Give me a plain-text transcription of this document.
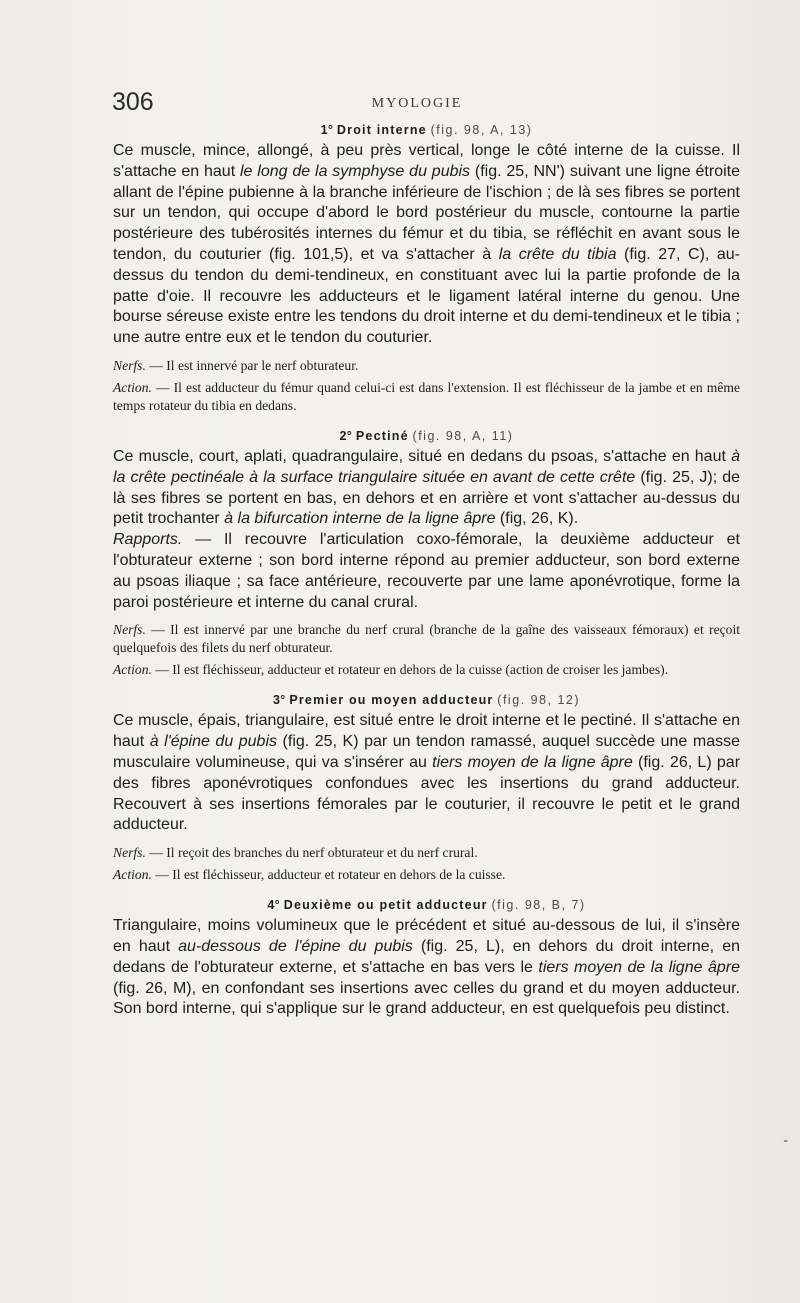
306	MYOLOGIE
1° Droit interne (fig. 98, A, 13)

Ce muscle, mince, allongé, à peu près vertical, longe le côté interne de la cuisse. Il s'attache en haut le long de la symphyse du pubis (fig. 25, NN') suivant une ligne étroite allant de l'épine pubienne à la branche inférieure de l'ischion ; de là ses fibres se portent sur un tendon, qui occupe d'abord le bord postérieur du muscle, contourne la partie postérieure des tubérosités internes du fémur et du tibia, se réfléchit en avant sous le tendon, du couturier (fig. 101,5), et va s'attacher à la crête du tibia (fig. 27, C), au-dessus du tendon du demi-tendineux, en constituant avec lui la partie profonde de la patte d'oie. Il recouvre les adducteurs et le ligament latéral interne du genou. Une bourse séreuse existe entre les tendons du droit interne et du demi-tendineux et le tibia ; une autre entre eux et le tendon du couturier.

Nerfs. — Il est innervé par le nerf obturateur.

Action. — Il est adducteur du fémur quand celui-ci est dans l'extension. Il est fléchisseur de la jambe et en même temps rotateur du tibia en dedans.

2° Pectiné (fig. 98, A, 11)

Ce muscle, court, aplati, quadrangulaire, situé en dedans du psoas, s'attache en haut à la crête pectinéale à la surface triangulaire située en avant de cette crête (fig. 25, J); de là ses fibres se portent en bas, en dehors et en arrière et vont s'attacher au-dessus du petit trochanter à la bifurcation interne de la ligne âpre (fig, 26, K).

Rapports. — Il recouvre l'articulation coxo-fémorale, la deuxième adducteur et l'obturateur externe ; son bord interne répond au premier adducteur, son bord externe au psoas iliaque ; sa face antérieure, recouverte par une lame aponévrotique, forme la paroi postérieure et interne du canal crural.

Nerfs. — Il est innervé par une branche du nerf crural (branche de la gaîne des vaisseaux fémoraux) et reçoit quelquefois des filets du nerf obturateur.

Action. — Il est fléchisseur, adducteur et rotateur en dehors de la cuisse (action de croiser les jambes).

3° Premier ou moyen adducteur (fig. 98, 12)

Ce muscle, épais, triangulaire, est situé entre le droit interne et le pectiné. Il s'attache en haut à l'épine du pubis (fig. 25, K) par un tendon ramassé, auquel succède une masse musculaire volumineuse, qui va s'insérer au tiers moyen de la ligne âpre (fig. 26, L) par des fibres aponévrotiques confondues avec les insertions du grand adducteur. Recouvert à ses insertions fémorales par le couturier, il recouvre le petit et le grand adducteur.

Nerfs. — Il reçoit des branches du nerf obturateur et du nerf crural.

Action. — Il est fléchisseur, adducteur et rotateur en dehors de la cuisse.

4° Deuxième ou petit adducteur (fig. 98, B, 7)

Triangulaire, moins volumineux que le précédent et situé au-dessous de lui, il s'insère en haut au-dessous de l'épine du pubis (fig. 25, L), en dehors du droit interne, en dedans de l'obturateur externe, et s'attache en bas vers le tiers moyen de la ligne âpre (fig. 26, M), en confondant ses insertions avec celles du grand et du moyen adducteur. Son bord interne, qui s'applique sur le grand adducteur, en est quelquefois peu distinct.

-
